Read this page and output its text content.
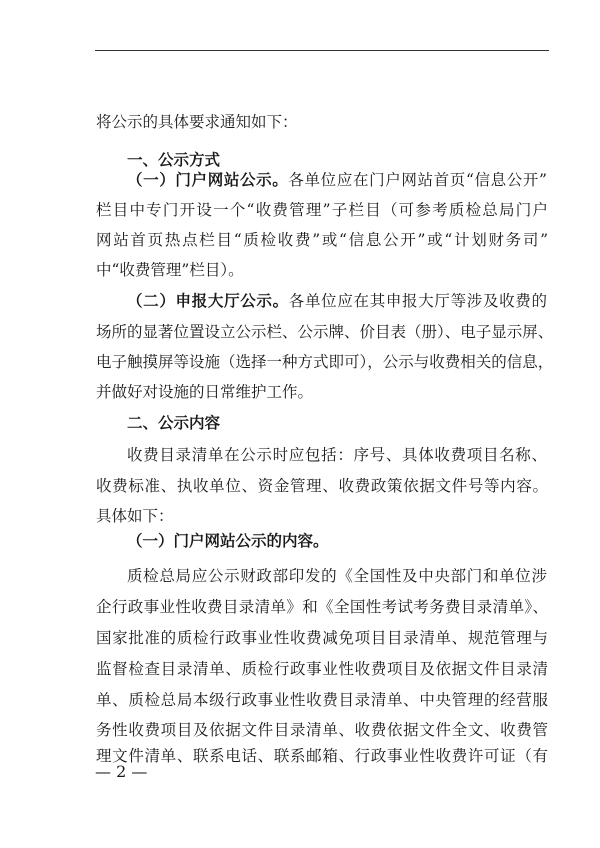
将公示的具体要求通知如下：

一、公示方式

（一）门户网站公示。各单位应在门户网站首页“信息公开”

栏目中专门开设一个“收费管理”子栏目（可参考质检总局门户

网站首页热点栏目“质检收费”或“信息公开”或“计划财务司”

中“收费管理”栏目）。

（二）申报大厅公示。各单位应在其申报大厅等涉及收费的

场所的显著位置设立公示栏、公示牌、价目表（册）、电子显示屏、

电子触摸屏等设施（选择一种方式即可），公示与收费相关的信息，

并做好对设施的日常维护工作。

二、公示内容

收费目录清单在公示时应包括：序号、具体收费项目名称、

收费标准、执收单位、资金管理、收费政策依据文件号等内容。

具体如下：

（一）门户网站公示的内容。

质检总局应公示财政部印发的《全国性及中央部门和单位涉

企行政事业性收费目录清单》和《全国性考试考务费目录清单》、

国家批准的质检行政事业性收费减免项目目录清单、规范管理与

监督检查目录清单、质检行政事业性收费项目及依据文件目录清

单、质检总局本级行政事业性收费目录清单、中央管理的经营服

务性收费项目及依据文件目录清单、收费依据文件全文、收费管

理文件清单、联系电话、联系邮箱、行政事业性收费许可证（有

— 2 —
